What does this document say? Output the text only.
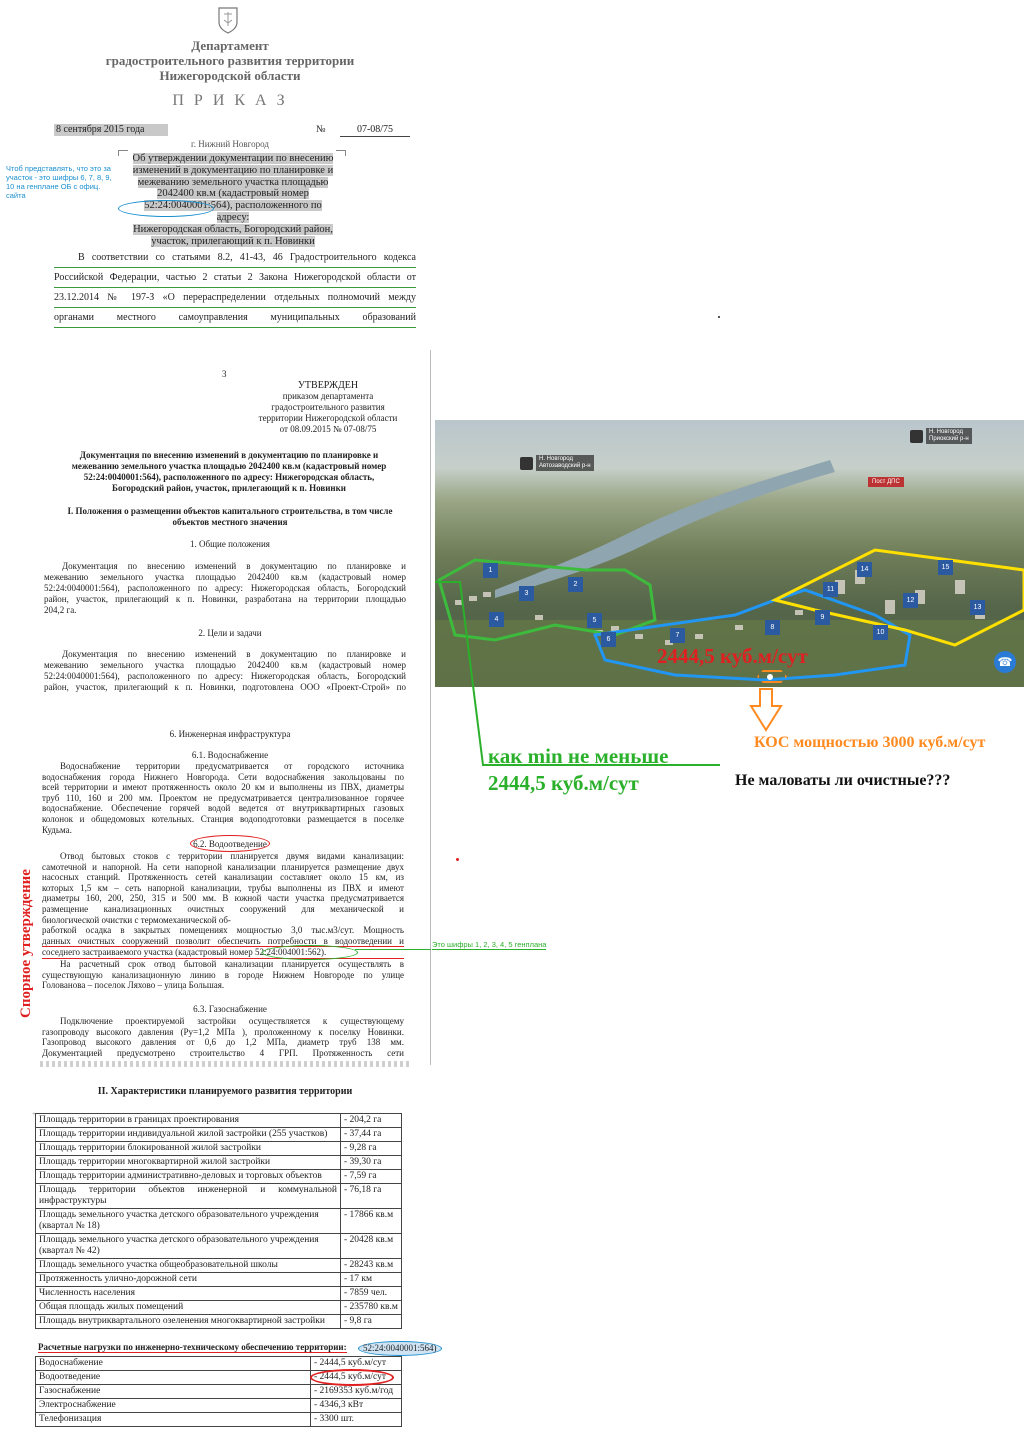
Департамент
градостроительного развития территории
Нижегородской области
П Р И К А З
8 сентября 2015 года	№	07-08/75
г. Нижний Новгород
Об утверждении документации по внесению
изменений в документацию по планировке и
межеванию земельного участка площадью
2042400 кв.м (кадастровый номер
52:24:0040001:564), расположенного по адресу:
Нижегородская область, Богородский район,
участок, прилегающий к п. Новинки
Чтоб представлять, что это за участок - это шифры 6, 7, 8, 9, 10 на генплане ОБ с офиц. сайта
В соответствии со статьями 8.2, 41-43, 46 Градостроительного кодекса
Российской Федерации, частью 2 статьи 2 Закона Нижегородской области от
23.12.2014 № 197-З «О перераспределении отдельных полномочий между
органами местного самоуправления муниципальных образований
3
УТВЕРЖДЕН
приказом департамента
градостроительного развития
территории Нижегородской области
от 08.09.2015 № 07-08/75
Документация по внесению изменений в документацию по планировке и
межеванию земельного участка площадью 2042400 кв.м (кадастровый номер
52:24:0040001:564), расположенного по адресу: Нижегородская область,
Богородский район, участок, прилегающий к п. Новинки
I. Положения о размещении объектов капитального строительства, в том числе
объектов местного значения
1. Общие положения
Документация по внесению изменений в документацию по планировке и
межеванию земельного участка площадью 2042400 кв.м (кадастровый номер
52:24:0040001:564), расположенного по адресу: Нижегородская область, Богородский
район, участок, прилегающий к п. Новинки, разработана на территории площадью
204,2 га.
2. Цели и задачи
Документация по внесению изменений в документацию по планировке и
межеванию земельного участка площадью 2042400 кв.м (кадастровый номер
52:24:0040001:564), расположенного по адресу: Нижегородская область, Богородский
район, участок, прилегающий к п. Новинки, подготовлена ООО «Проект-Строй» по
6. Инженерная инфраструктура
6.1. Водоснабжение
Водоснабжение территории предусматривается от городского источника
водоснабжения города Нижнего Новгорода. Сети водоснабжения закольцованы по
всей территории и имеют протяженность около 20 км и выполнены из ПВХ, диаметры
труб 110, 160 и 200 мм. Проектом не предусматривается централизованное горячее
водоснабжение. Обеспечение горячей водой ведется от внутриквартирных газовых
колонок и общедомовых котельных. Станция водоподготовки размещается в поселке
Кудьма.
6.2. Водоотведение
Отвод бытовых стоков с территории планируется двумя видами канализации:
самотечной и напорной. На сети напорной канализации планируется размещение двух
насосных станций. Протяженность сетей канализации составляет около 15 км, из
которых 1,5 км – сеть напорной канализации, трубы выполнены из ПВХ и имеют
диаметры 160, 200, 250, 315 и 500 мм. В южной части участка предусматривается
размещение канализационных очистных сооружений для механической и
биологической очистки с термомеханической об-
работкой осадка в закрытых помещениях мощностью 3,0 тыс.м3/сут. Мощность
данных очистных сооружений позволит обеспечить потребности в водоотведении и
соседнего застраиваемого участка (кадастровый номер 52:24:004001:562).
На расчетный срок отвод бытовой канализации планируется осуществлять в
существующую канализационную линию в городе Нижнем Новгороде по улице
Голованова – поселок Ляхово – улица Большая.
Это шифры 1, 2, 3, 4, 5 генплана
6.3. Газоснабжение
Подключение проектируемой застройки осуществляется к существующему
газопроводу высокого давления (Ру=1,2 МПа ), проложенному к поселку Новинки.
Газопровод высокого давления от 0,6 до 1,2 МПа, диаметр труб 138 мм.
Документацией предусмотрено строительство 4 ГРП. Протяженность сети
Спорное утверждение
Н. Новгород
Автозаводский р-н
Н. Новгород
Приокский р-н
Пост ДПС
1
2
3
4	5
6
7
8
9
10
11
12
13
14	15
2444,5 куб.м/сут	☎
как min не меньше
2444,5 куб.м/сут
КОС мощностью 3000 куб.м/сут
Не маловаты ли очистные???
II. Характеристики планируемого развития территории
+
Площадь территории в границах проектирования	- 204,2 га
Площадь территории индивидуальной жилой застройки (255 участков)	- 37,44 га
Площадь территории блокированной жилой застройки	- 9,28 га
Площадь территории многоквартирной жилой застройки	- 39,30 га
Площадь территории административно-деловых и торговых объектов	- 7,59 га
Площадь территории объектов инженерной и коммунальной инфраструктуры	- 76,18 га
Площадь земельного участка детского образовательного учреждения (квартал № 18)	- 17866 кв.м
Площадь земельного участка детского образовательного учреждения (квартал № 42)	- 20428 кв.м
Площадь земельного участка общеобразовательной школы	- 28243 кв.м
Протяженность улично-дорожной сети	- 17 км
Численность населения	- 7859 чел.
Общая площадь жилых помещений	- 235780 кв.м
Площадь внутриквартального озеленения многоквартирной застройки	- 9,8 га
Расчетные нагрузки по инженерно-техническому обеспечению территории:	52:24:0040001:564)
Водоснабжение	- 2444,5 куб.м/сут
Водоотведение	- 2444,5 куб.м/сут
Газоснабжение	- 2169353 куб.м/год
Электроснабжение	- 4346,3 кВт
Телефонизация	- 3300 шт.
